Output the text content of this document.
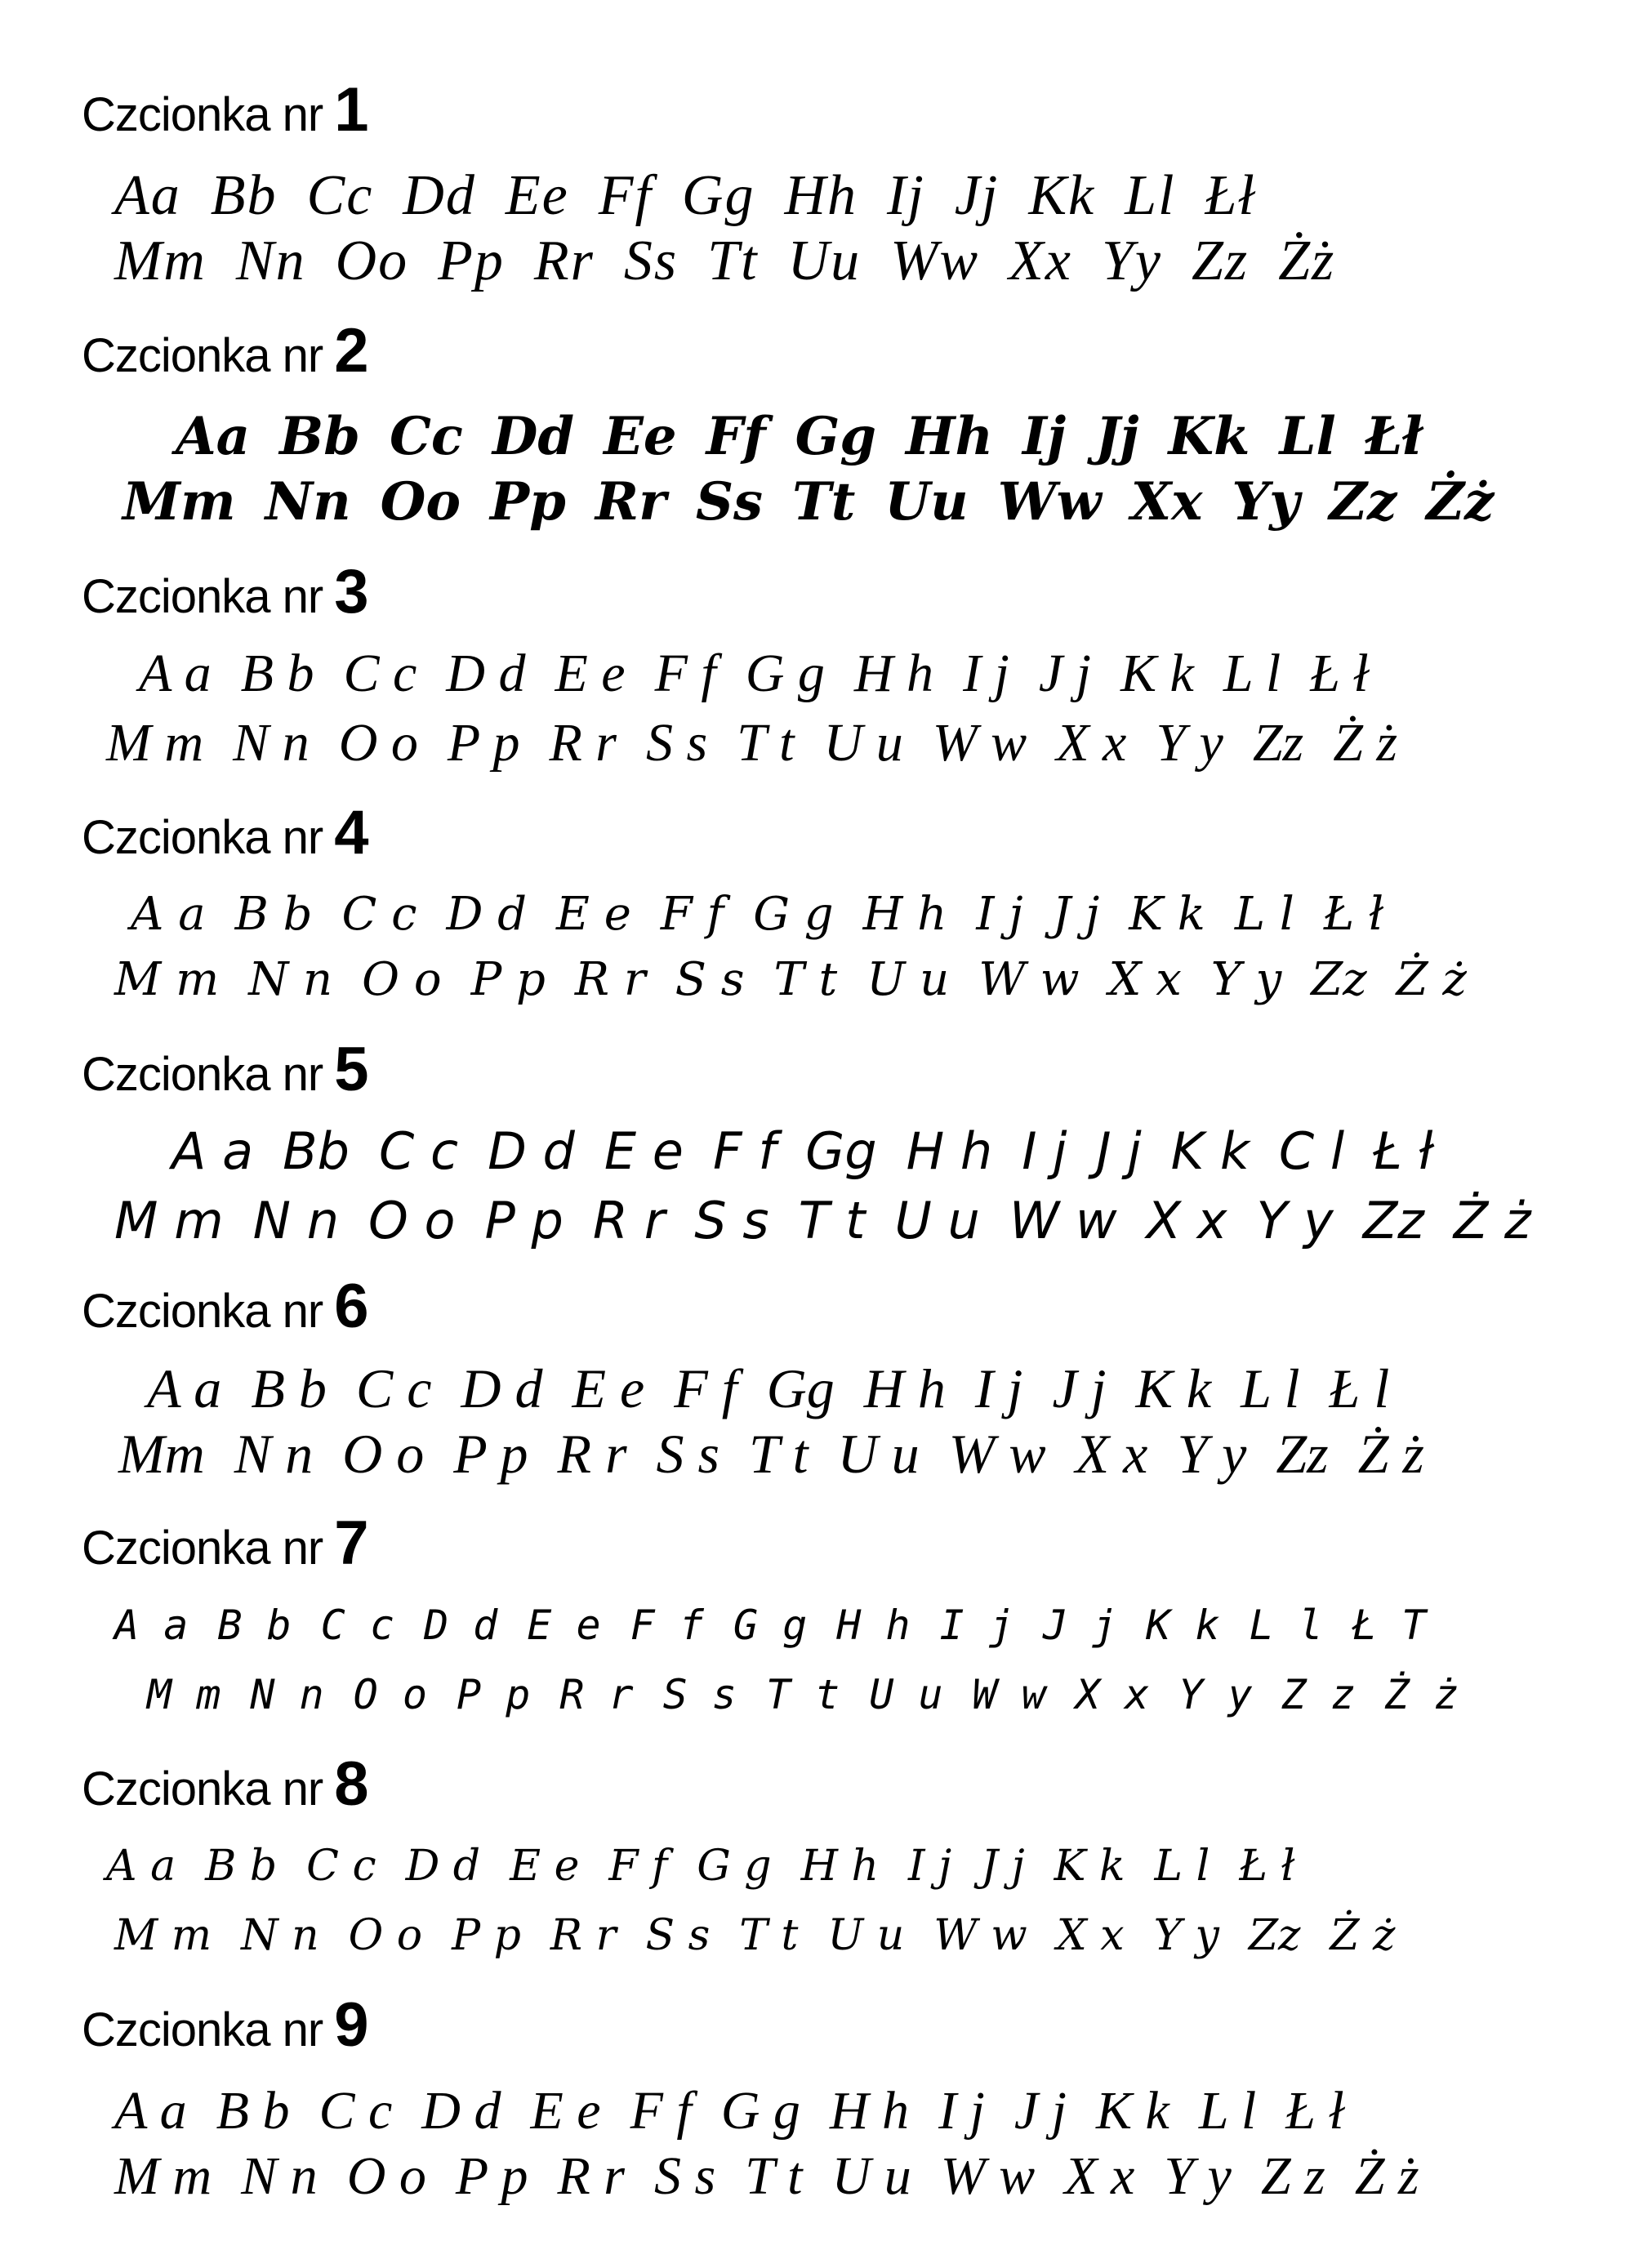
Czcionka nr 1
Aa Bb Cc Dd Ee Ff Gg Hh Ij Jj Kk Ll Łł
Mm Nn Oo Pp Rr Ss Tt Uu Ww Xx Yy Zz Żż
Czcionka nr 2
Aa Bb Cc Dd Ee Ff Gg Hh Ij Jj Kk Ll Łł
Mm Nn Oo Pp Rr Ss Tt Uu Ww Xx Yy Zz Żż
Czcionka nr 3
A a B b C c D d E e F f G g H h I j J j K k L l Ł ł
M m N n O o P p R r S s T t U u W w X x Y y Zz Ż ż
Czcionka nr 4
A a B b C c D d E e F f G g H h I j J j K k L l Ł ł
M m N n O o P p R r S s T t U u W w X x Y y Zz Ż ż
Czcionka nr 5
A a Bb C c D d E e F f Gg H h I j J j K k C l Ł ł
M m N n O o P p R r S s T t U u W w X x Y y Zz Ż ż
Czcionka nr 6
A a B b C c D d E e F f Gg H h I j J j K k L l Ł l
Mm N n O o P p R r S s T t U u W w X x Y y Zz Ż ż
Czcionka nr 7
A a B b C c D d E e F f G g H h I j J j K k L l Ł T
M m N n O o P p R r S s T t U u W w X x Y y Z z Ż ż
Czcionka nr 8
A a B b C c D d E e F f G g H h I j J j K k L l Ł ł
M m N n O o P p R r S s T t U u W w X x Y y Zz Ż ż
Czcionka nr 9
A a B b C c D d E e F f G g H h I j J j K k L l Ł ł
M m N n O o P p R r S s T t U u W w X x Y y Z z Ż ż
